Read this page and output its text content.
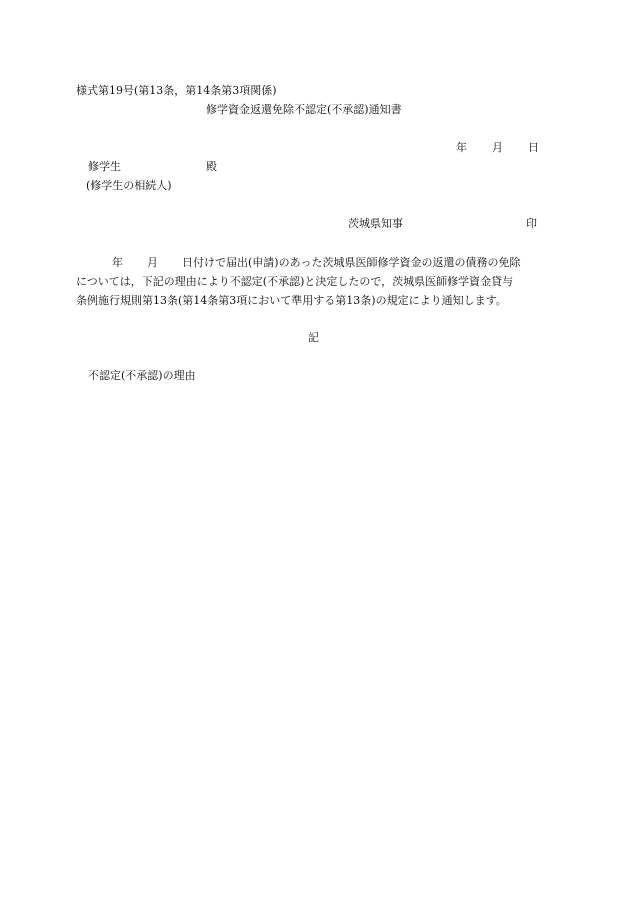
様式第19号(第13条，第14条第3項関係)
修学資金返還免除不認定(不承認)通知書
年 月 日
修学生	殿
(修学生の相続人)
茨城県知事	印
年 月 日付けで届出(申請)のあった茨城県医師修学資金の返還の債務の免除
については，下記の理由により不認定(不承認)と決定したので，茨城県医師修学資金貸与
条例施行規則第13条(第14条第3項において準用する第13条)の規定により通知します。
記
不認定(不承認)の理由
